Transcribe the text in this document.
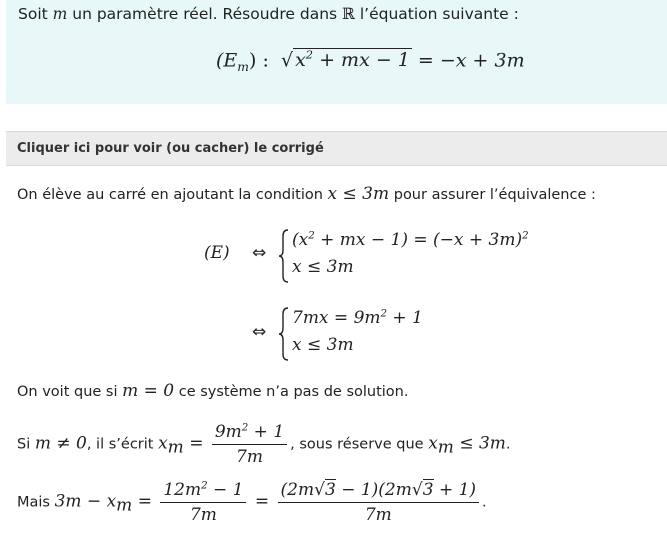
Soit m un paramètre réel. Résoudre dans ℝ l’équation suivante :
$(E_m)$ : √ $x^2$ + mx − 1 = −x + 3m
Cliquer ici pour voir (ou cacher) le corrigé
On élève au carré en ajoutant la condition x ≤ 3m pour assurer l’équivalence :
(E) ⇔
($x^2$ + mx − $1) = (-x + 3m)^2$
x ≤ 3m
⇔
$7mx = 9m^2 + 1$
x ≤ 3m
On voit que si m = 0 ce système n’a pas de solution.
Si m ≠ 0, il s’écrit $x_m = \frac{9m^2 + 1}{7m}$ , sous réserve que $x_m \le 3m$.
Mais $3m - x_m = \frac{12m^2 - 1}{7m} = \frac{(2m√3 - 1)(2m√3 + 1)}{7m}$ .
